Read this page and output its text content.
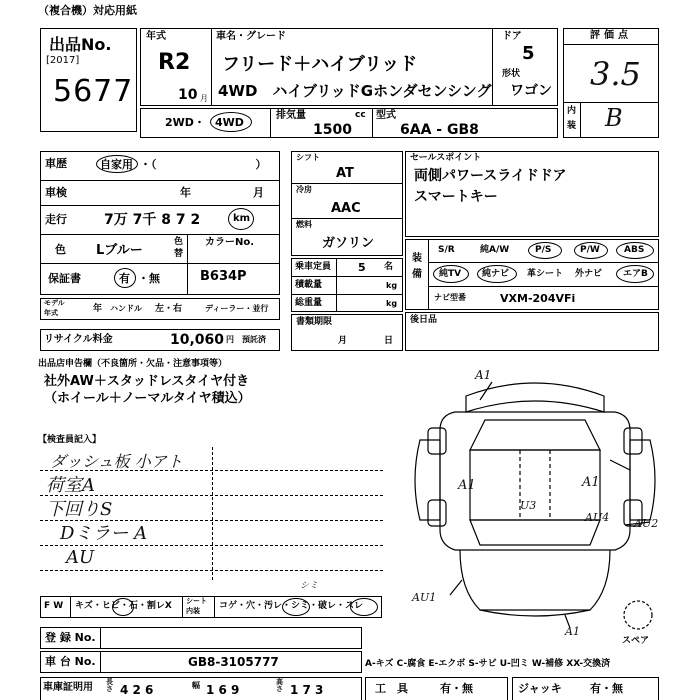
（複合機）対応用紙
出品No.
[2017]
5677
年式
R2
10 月
車名・グレード
フリード＋ハイブリッド
4WD　ハイブリッドGホンダセンシング
ドア
5
形状
ワゴン
2WD ・ 4WD
排気量
1500
cc 型式
6AA - GB8
評価点
3.5
内
装 B
車歴	自家用 ・（　　　　　　　　　）
車検	年	月
走行	7万 7千 8 7 2	km
色 Lブルー
色
替
カラーNo.
B634P
保証書	有 ・無
モデル
年式	年 ハンドル 左・右	ディーラー・並行
リサイクル料金	10,060 円 預託済
シフト
AT
冷房
AAC
燃料
ガソリン
乗車定員 5 名
積載量	kg
総重量	kg
書類期限
月	日
セールスポイント
両側パワースライドドア
スマートキー
装
備
S/R	純A/W	P/S	P/W	ABS
純TV 純ナビ 革シート 外ナビ エアB
ナビ型番	VXM-204VFi
後日品
出品店申告欄（不良箇所・欠品・注意事項等）
社外AW＋スタッドレスタイヤ付き
（ホイール＋ノーマルタイヤ積込）
【検査員記入】
ダッシュ板 小アト
荷室A
下回りS
Dミラー A
AU
A1
A1	A1
U3
AU4 AU2
AU1
A1
スペア
F W キズ・ヒビ・石・割レX シート
内装 コゲ・穴・汚レ・シミ・破レ・スレ
シミ
登 録 No.
車 台 No.	GB8-3105777	A-キズ C-腐食 E-エクボ S-サビ U-凹ミ W-補修 XX-交換済
車庫証明用 長さ 4 2 6	幅 1 6 9
高さ 1 7 3	工　具	有・無	ジャッキ	有・無
